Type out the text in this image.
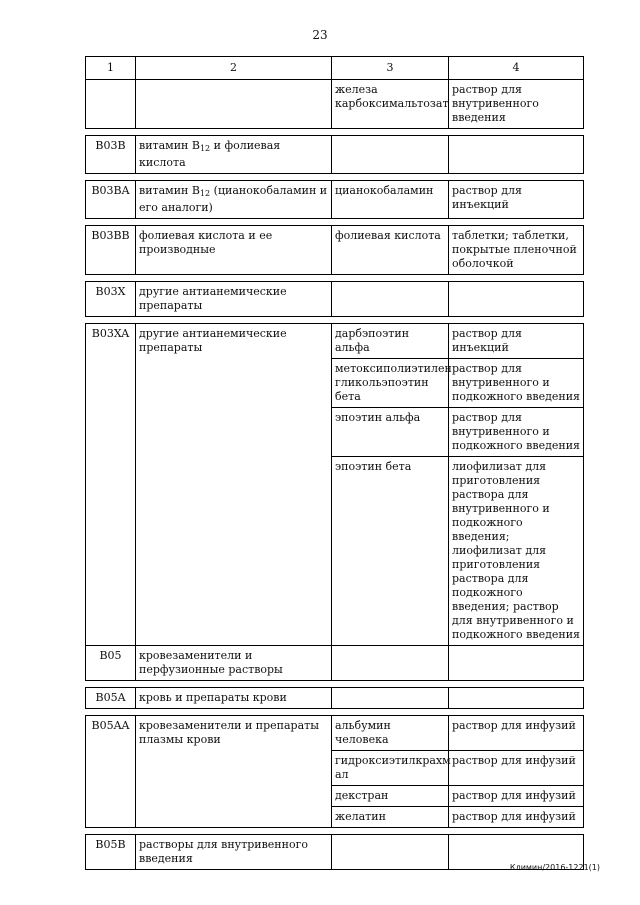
23
1	2	3	4
		железа карбоксимальтозат	раствор для внутривенного введения

B03B	витамин $B_{12}$ и фолиевая кислота		

B03BA	витамин $B_{12}$ (цианокобаламин и его аналоги)	цианокобаламин	раствор для инъекций

B03BB	фолиевая кислота и ее производные	фолиевая кислота	таблетки; таблетки, покрытые пленочной оболочкой

B03X	другие антианемические препараты		

B03XA	другие антианемические препараты	дарбэпоэтин альфа	раствор для инъекций
		метоксиполиэтилен гликольэпоэтин бета	раствор для внутривенного и подкожного введения
		эпоэтин альфа	раствор для внутривенного и подкожного введения
		эпоэтин бета	лиофилизат для приготовления раствора для внутривенного и подкожного введения; лиофилизат для приготовления раствора для подкожного введения; раствор для внутривенного и подкожного введения
B05	кровезаменители и перфузионные растворы		

B05A	кровь и препараты крови		

B05AA	кровезаменители и препараты плазмы крови	альбумин человека	раствор для инфузий
		гидроксиэтилкрахм ал	раствор для инфузий
		декстран	раствор для инфузий
		желатин	раствор для инфузий

B05B	растворы для внутривенного введения		
Климин/2016-1221(1)
